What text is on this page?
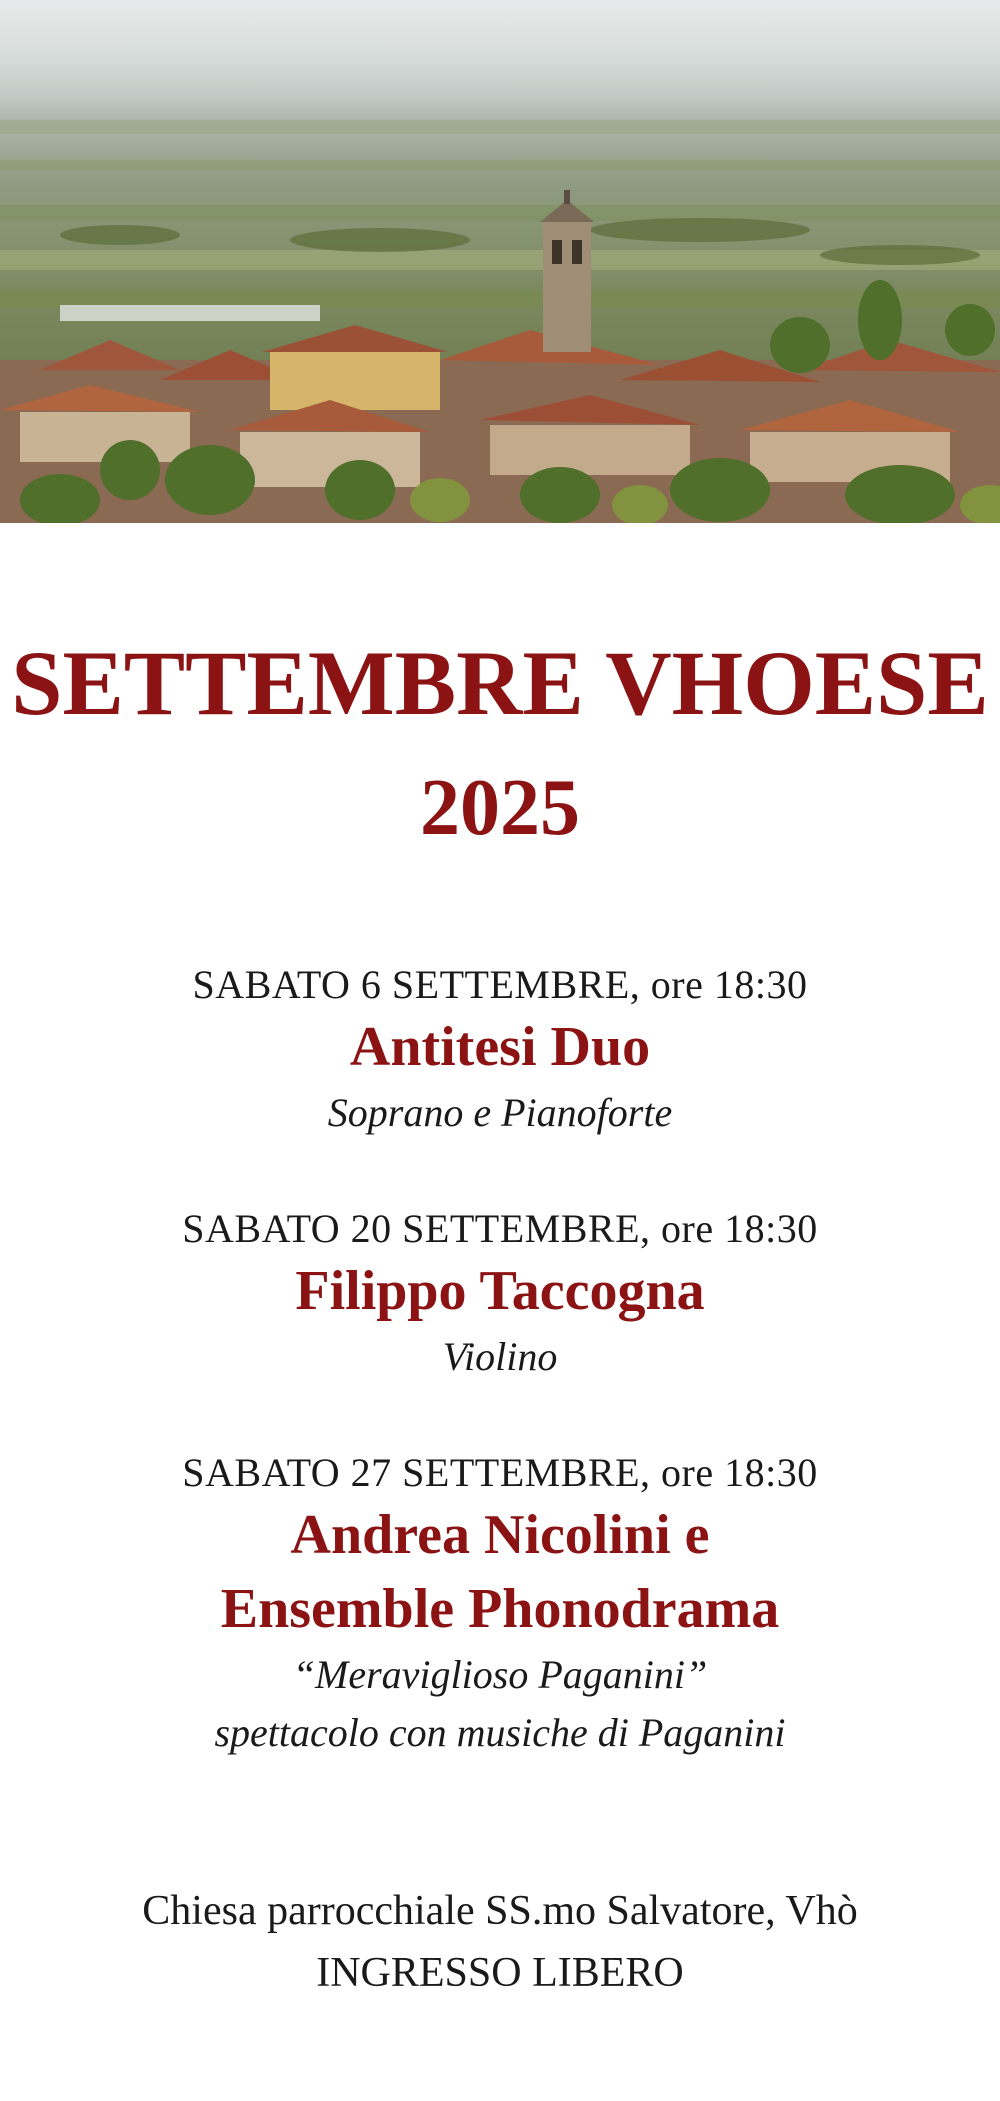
SETTEMBRE VHOESE
2025
SABATO 6 SETTEMBRE, ore 18:30
Antitesi Duo
Soprano e Pianoforte
SABATO 20 SETTEMBRE, ore 18:30
Filippo Taccogna
Violino
SABATO 27 SETTEMBRE, ore 18:30
Andrea Nicolini e
Ensemble Phonodrama
“Meraviglioso Paganini”
spettacolo con musiche di Paganini
Chiesa parrocchiale SS.mo Salvatore, Vhò
INGRESSO LIBERO
